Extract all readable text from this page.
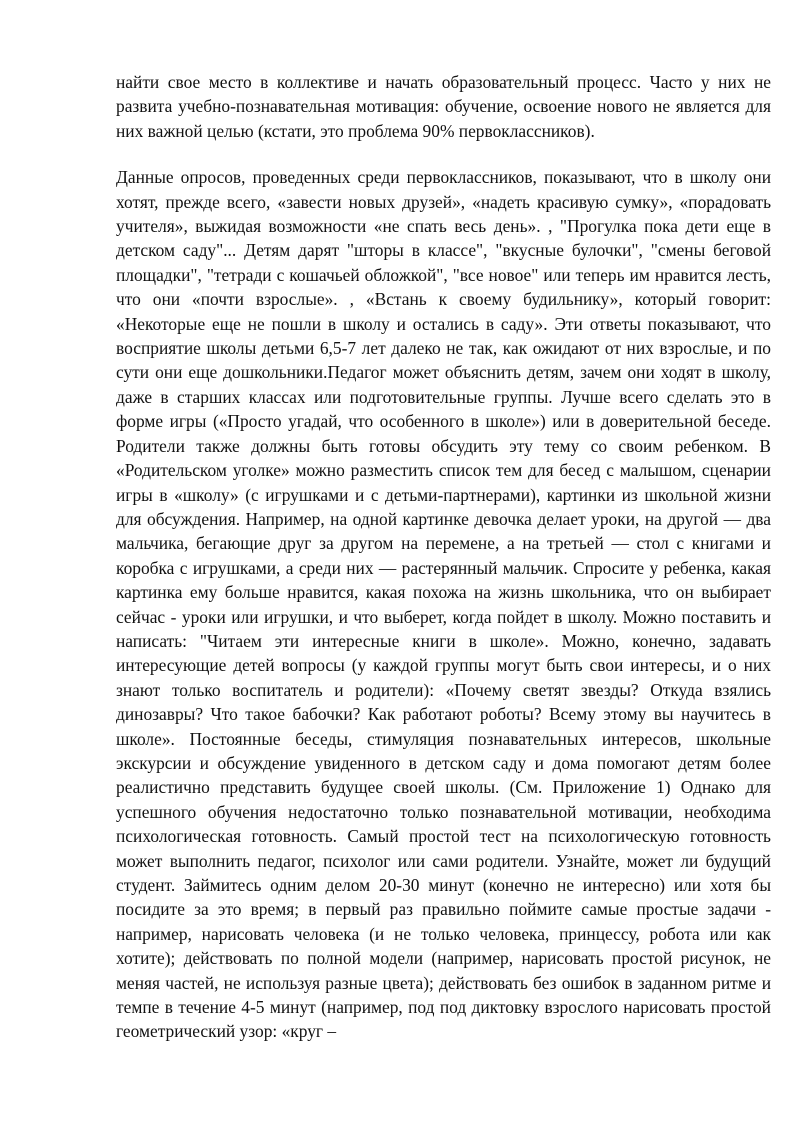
найти свое место в коллективе и начать образовательный процесс. Часто у них не развита учебно-познавательная мотивация: обучение, освоение нового не является для них важной целью (кстати, это проблема 90% первоклассников).

Данные опросов, проведенных среди первоклассников, показывают, что в школу они хотят, прежде всего, «завести новых друзей», «надеть красивую сумку», «порадовать учителя», выжидая возможности «не спать весь день». , "Прогулка пока дети еще в детском саду"... Детям дарят "шторы в классе", "вкусные булочки", "смены беговой площадки", "тетради с кошачьей обложкой", "все новое" или теперь им нравится лесть, что они «почти взрослые». , «Встань к своему будильнику», который говорит: «Некоторые еще не пошли в школу и остались в саду». Эти ответы показывают, что восприятие школы детьми 6,5-7 лет далеко не так, как ожидают от них взрослые, и по сути они еще дошкольники.Педагог может объяснить детям, зачем они ходят в школу, даже в старших классах или подготовительные группы. Лучше всего сделать это в форме игры («Просто угадай, что особенного в школе») или в доверительной беседе. Родители также должны быть готовы обсудить эту тему со своим ребенком. В «Родительском уголке» можно разместить список тем для бесед с малышом, сценарии игры в «школу» (с игрушками и с детьми-партнерами), картинки из школьной жизни для обсуждения. Например, на одной картинке девочка делает уроки, на другой — два мальчика, бегающие друг за другом на перемене, а на третьей — стол с книгами и коробка с игрушками, а среди них — растерянный мальчик. Спросите у ребенка, какая картинка ему больше нравится, какая похожа на жизнь школьника, что он выбирает сейчас - уроки или игрушки, и что выберет, когда пойдет в школу. Можно поставить и написать: "Читаем эти интересные книги в школе». Можно, конечно, задавать интересующие детей вопросы (у каждой группы могут быть свои интересы, и о них знают только воспитатель и родители): «Почему светят звезды? Откуда взялись динозавры? Что такое бабочки? Как работают роботы? Всему этому вы научитесь в школе». Постоянные беседы, стимуляция познавательных интересов, школьные экскурсии и обсуждение увиденного в детском саду и дома помогают детям более реалистично представить будущее своей школы. (См. Приложение 1) Однако для успешного обучения недостаточно только познавательной мотивации, необходима психологическая готовность. Самый простой тест на психологическую готовность может выполнить педагог, психолог или сами родители. Узнайте, может ли будущий студент. Займитесь одним делом 20-30 минут (конечно не интересно) или хотя бы посидите за это время; в первый раз правильно поймите самые простые задачи - например, нарисовать человека (и не только человека, принцессу, робота или как хотите); действовать по полной модели (например, нарисовать простой рисунок, не меняя частей, не используя разные цвета); действовать без ошибок в заданном ритме и темпе в течение 4-5 минут (например, под под диктовку взрослого нарисовать простой геометрический узор: «круг –
